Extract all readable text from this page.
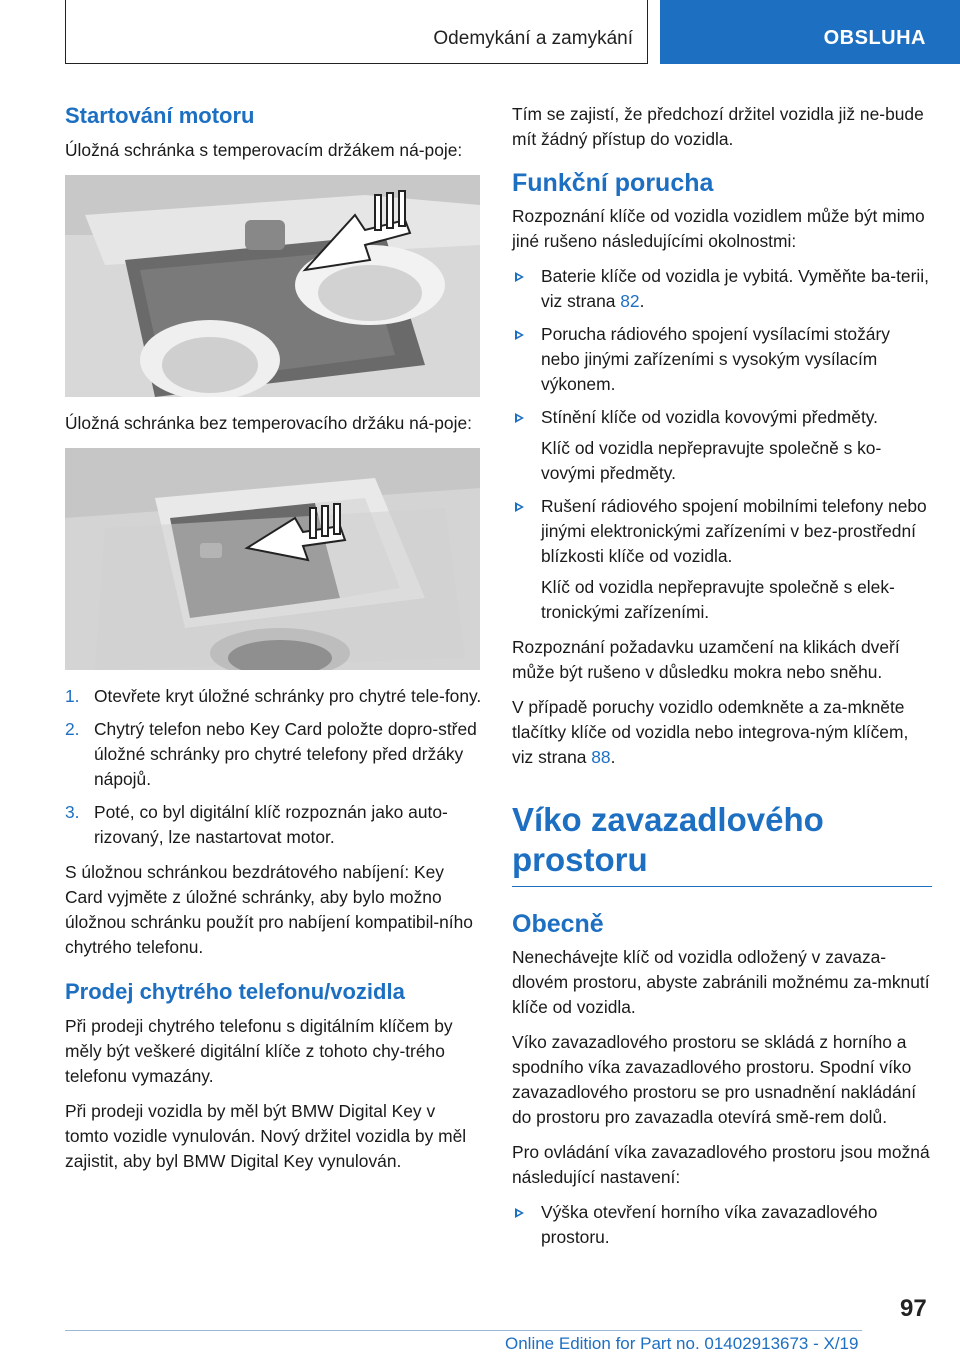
Odemykání a zamykání	OBSLUHA
Startování motoru

Úložná schránka s temperovacím držákem ná-poje:

Úložná schránka bez temperovacího držáku ná-poje:

1. Otevřete kryt úložné schránky pro chytré tele-fony.
2. Chytrý telefon nebo Key Card položte dopro-střed úložné schránky pro chytré telefony před držáky nápojů.
3. Poté, co byl digitální klíč rozpoznán jako auto-rizovaný, lze nastartovat motor.

S úložnou schránkou bezdrátového nabíjení: Key Card vyjměte z úložné schránky, aby bylo možno úložnou schránku použít pro nabíjení kompatibil-ního chytrého telefonu.

Prodej chytrého telefonu/vozidla

Při prodeji chytrého telefonu s digitálním klíčem by měly být veškeré digitální klíče z tohoto chy-trého telefonu vymazány.

Při prodeji vozidla by měl být BMW Digital Key v tomto vozidle vynulován. Nový držitel vozidla by měl zajistit, aby byl BMW Digital Key vynulován.

Tím se zajistí, že předchozí držitel vozidla již ne-bude mít žádný přístup do vozidla.

Funkční porucha

Rozpoznání klíče od vozidla vozidlem může být mimo jiné rušeno následujícími okolnostmi:

Baterie klíče od vozidla je vybitá. Vyměňte ba-terii, viz strana 82.
Porucha rádiového spojení vysílacími stožáry nebo jinými zařízeními s vysokým vysílacím výkonem.
Stínění klíče od vozidla kovovými předměty.
Klíč od vozidla nepřepravujte společně s ko-vovými předměty.
Rušení rádiového spojení mobilními telefony nebo jinými elektronickými zařízeními v bez-prostřední blízkosti klíče od vozidla.
Klíč od vozidla nepřepravujte společně s elek-tronickými zařízeními.

Rozpoznání požadavku uzamčení na klikách dveří může být rušeno v důsledku mokra nebo sněhu.

V případě poruchy vozidlo odemkněte a za-mkněte tlačítky klíče od vozidla nebo integrova-ným klíčem, viz strana 88.

Víko zavazadlového prostoru
Obecně

Nenechávejte klíč od vozidla odložený v zavaza-dlovém prostoru, abyste zabránili možnému za-mknutí klíče od vozidla.

Víko zavazadlového prostoru se skládá z horního a spodního víka zavazadlového prostoru. Spodní víko zavazadlového prostoru se pro usnadnění nakládání do prostoru pro zavazadla otevírá smě-rem dolů.

Pro ovládání víka zavazadlového prostoru jsou možná následující nastavení:

Výška otevření horního víka zavazadlového prostoru.
97
Online Edition for Part no. 01402913673 - X/19
